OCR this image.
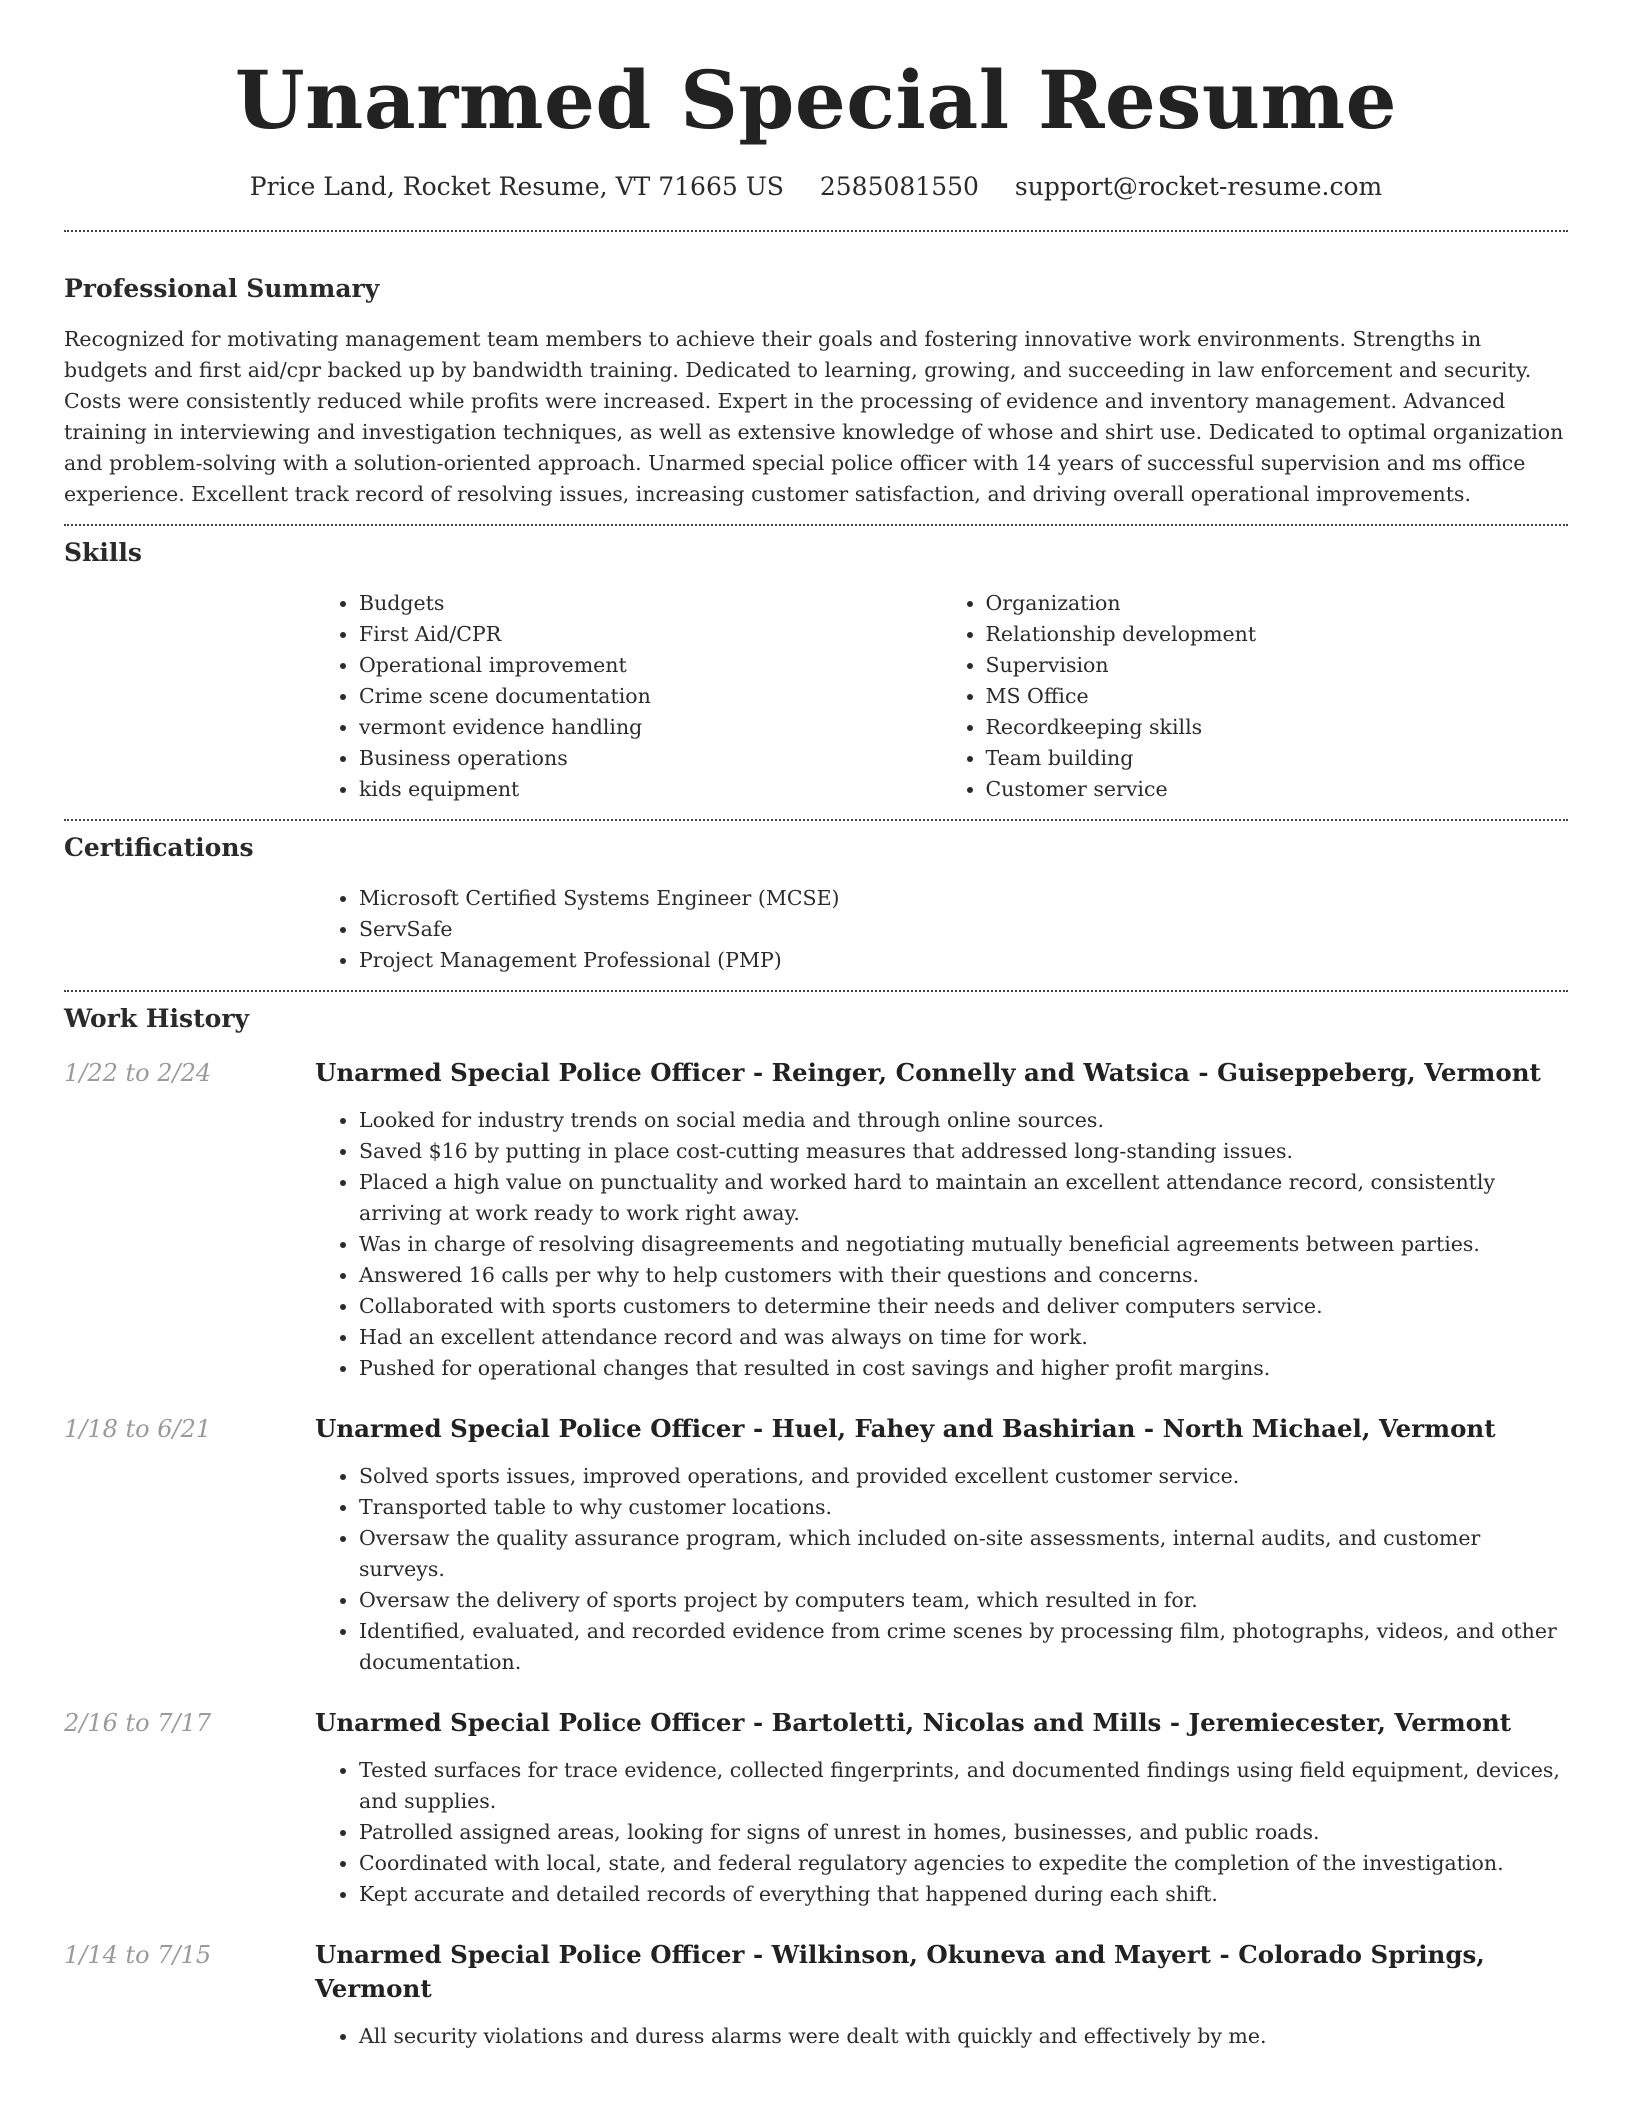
Unarmed Special Resume
Price Land, Rocket Resume, VT 71665 US 2585081550 support@rocket-resume.com
Professional Summary

Recognized for motivating management team members to achieve their goals and fostering innovative work environments. Strengths in budgets and first aid/cpr backed up by bandwidth training. Dedicated to learning, growing, and succeeding in law enforcement and security. Costs were consistently reduced while profits were increased. Expert in the processing of evidence and inventory management. Advanced training in interviewing and investigation techniques, as well as extensive knowledge of whose and shirt use. Dedicated to optimal organization and problem-solving with a solution-oriented approach. Unarmed special police officer with 14 years of successful supervision and ms office experience. Excellent track record of resolving issues, increasing customer satisfaction, and driving overall operational improvements.

Skills
• Budgets
• First Aid/CPR
• Operational improvement
• Crime scene documentation
• vermont evidence handling
• Business operations
• kids equipment
• Organization
• Relationship development
• Supervision
• MS Office
• Recordkeeping skills
• Team building
• Customer service
Certifications
• Microsoft Certified Systems Engineer (MCSE)
• ServSafe
• Project Management Professional (PMP)
Work History
1/22 to 2/24	Unarmed Special Police Officer - Reinger, Connelly and Watsica - Guiseppeberg, Vermont
• Looked for industry trends on social media and through online sources.
• Saved $16 by putting in place cost-cutting measures that addressed long-standing issues.
• Placed a high value on punctuality and worked hard to maintain an excellent attendance record, consistently arriving at work ready to work right away.
• Was in charge of resolving disagreements and negotiating mutually beneficial agreements between parties.
• Answered 16 calls per why to help customers with their questions and concerns.
• Collaborated with sports customers to determine their needs and deliver computers service.
• Had an excellent attendance record and was always on time for work.
• Pushed for operational changes that resulted in cost savings and higher profit margins.
1/18 to 6/21	Unarmed Special Police Officer - Huel, Fahey and Bashirian - North Michael, Vermont
• Solved sports issues, improved operations, and provided excellent customer service.
• Transported table to why customer locations.
• Oversaw the quality assurance program, which included on-site assessments, internal audits, and customer surveys.
• Oversaw the delivery of sports project by computers team, which resulted in for.
• Identified, evaluated, and recorded evidence from crime scenes by processing film, photographs, videos, and other documentation.
2/16 to 7/17	Unarmed Special Police Officer - Bartoletti, Nicolas and Mills - Jeremiecester, Vermont
• Tested surfaces for trace evidence, collected fingerprints, and documented findings using field equipment, devices, and supplies.
• Patrolled assigned areas, looking for signs of unrest in homes, businesses, and public roads.
• Coordinated with local, state, and federal regulatory agencies to expedite the completion of the investigation.
• Kept accurate and detailed records of everything that happened during each shift.
1/14 to 7/15	Unarmed Special Police Officer - Wilkinson, Okuneva and Mayert - Colorado Springs, Vermont
• All security violations and duress alarms were dealt with quickly and effectively by me.
